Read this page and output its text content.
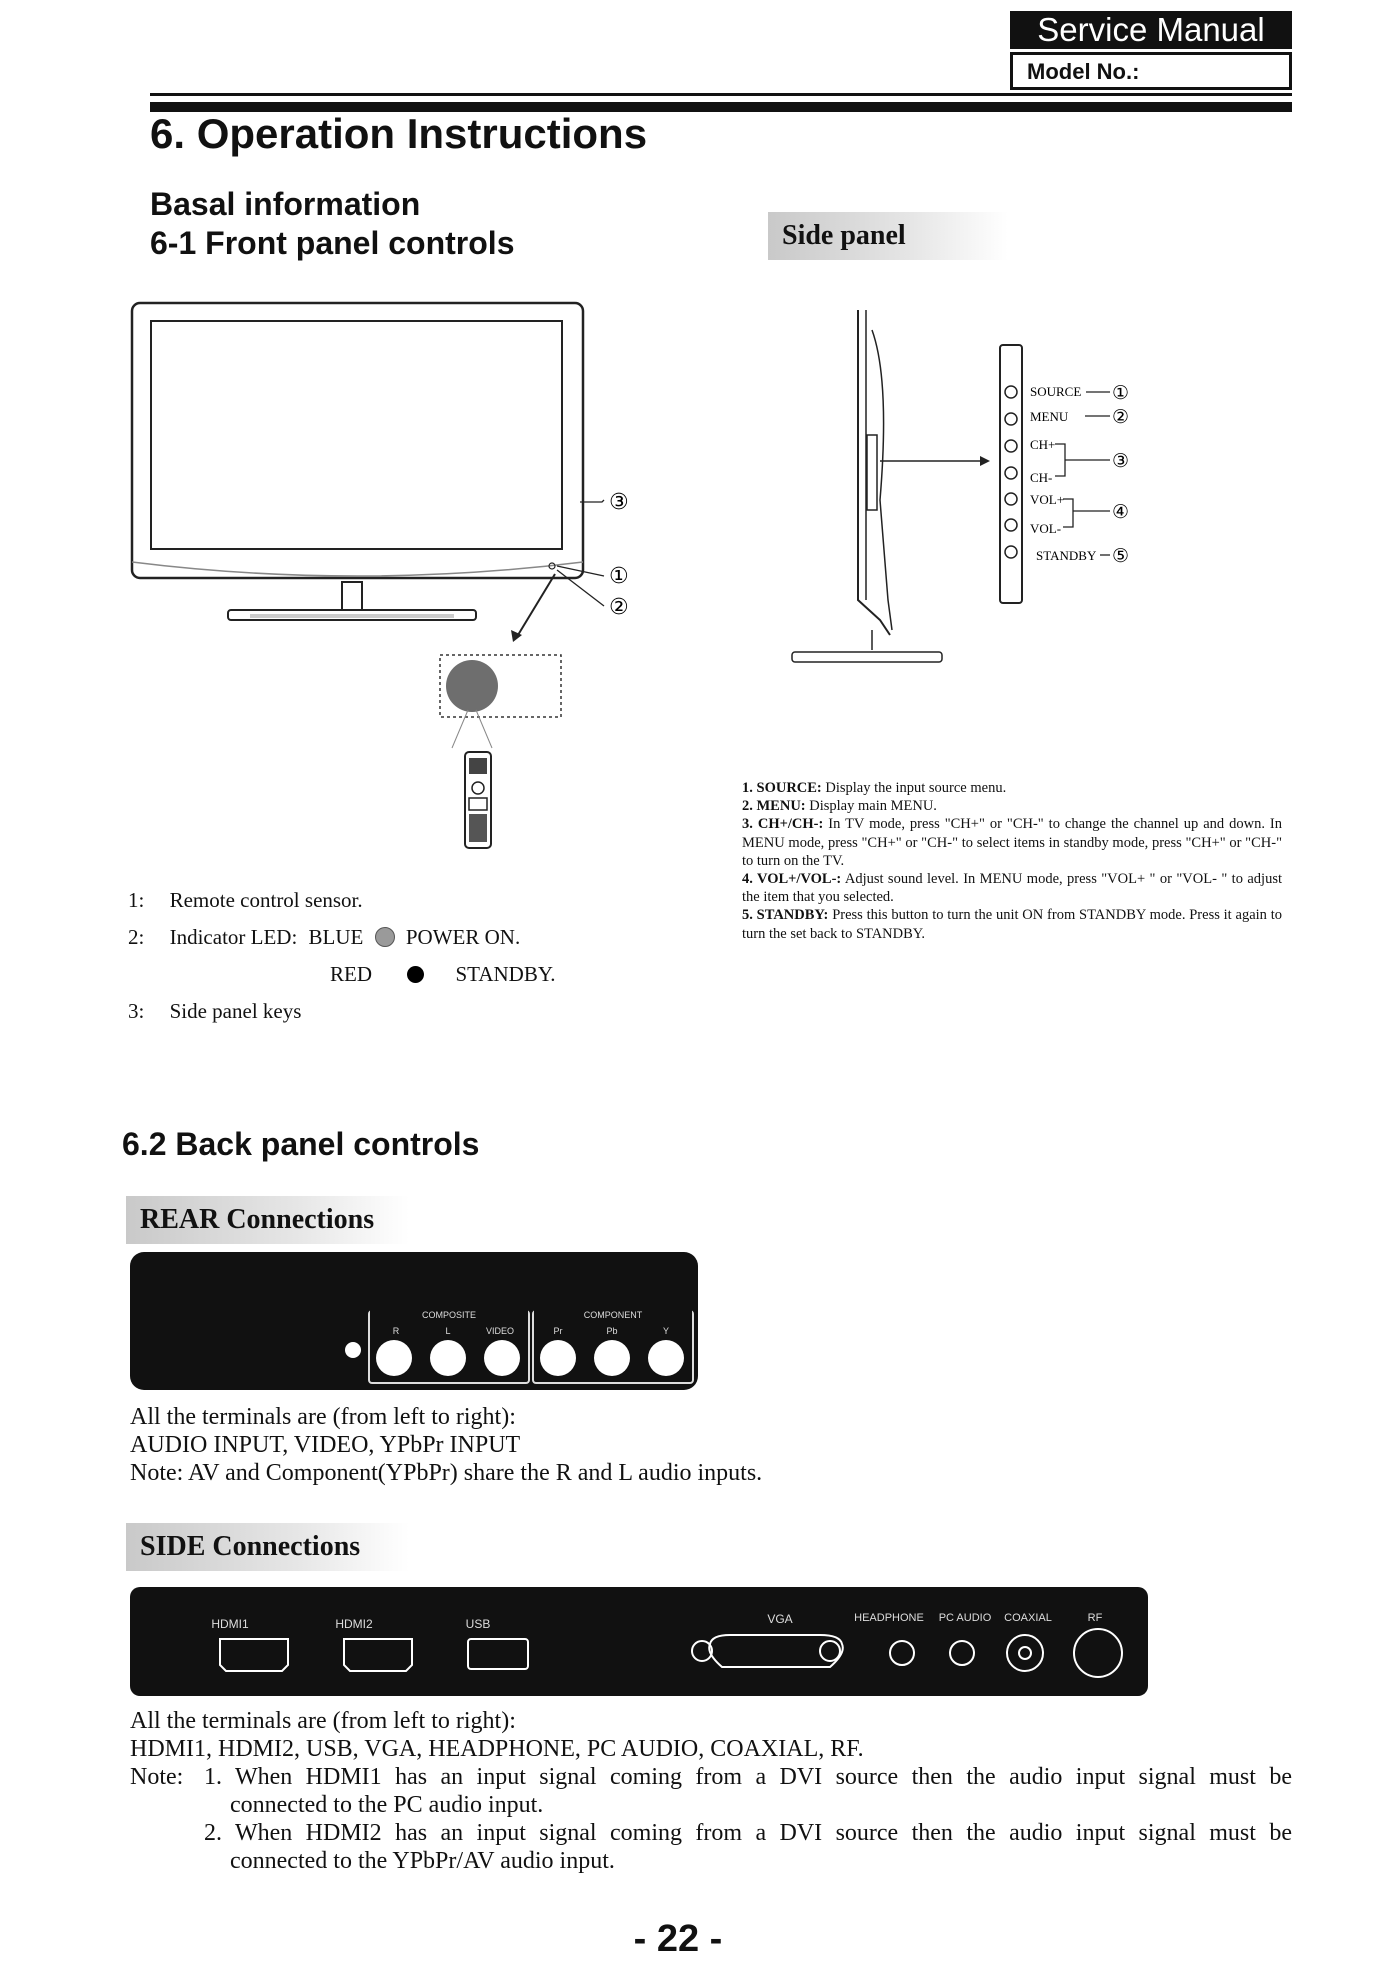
Service Manual
Model No.:
6. Operation Instructions
Basal information
6-1 Front panel controls
③
①
②
1: Remote control sensor.
2: Indicator LED: BLUE POWER ON.
RED	STANDBY.
3: Side panel keys
Side panel
SOURCE
MENU
CH+
CH-
VOL+
VOL-
STANDBY
①
②
③
④
⑤
1. SOURCE: Display the input source menu.
2. MENU: Display main MENU.
3. CH+/CH-: In TV mode, press "CH+" or "CH-" to change the channel up and down. In MENU mode, press "CH+" or "CH-" to select items in standby mode, press "CH+" or "CH-" to turn on the TV.
4. VOL+/VOL-: Adjust sound level. In MENU mode, press "VOL+ " or "VOL- " to adjust the item that you selected.
5. STANDBY: Press this button to turn the unit ON from STANDBY mode. Press it again to turn the set back to STANDBY.
6.2 Back panel controls
REAR Connections
COMPOSITE
R	L	VIDEO
COMPONENT
Pr	Pb	Y
All the terminals are (from left to right):
AUDIO INPUT, VIDEO, YPbPr INPUT
Note: AV and Component(YPbPr) share the R and L audio inputs.
SIDE Connections
HDMI1	HDMI2	USB	VGA	HEADPHONE	PC AUDIO	COAXIAL	RF
All the terminals are (from left to right):
HDMI1, HDMI2, USB, VGA, HEADPHONE, PC AUDIO, COAXIAL, RF.
Note: 1. When HDMI1 has an input signal coming from a DVI source then the audio input signal must be
connected to the PC audio input.
2. When HDMI2 has an input signal coming from a DVI source then the audio input signal must be
connected to the YPbPr/AV audio input.
- 22 -
